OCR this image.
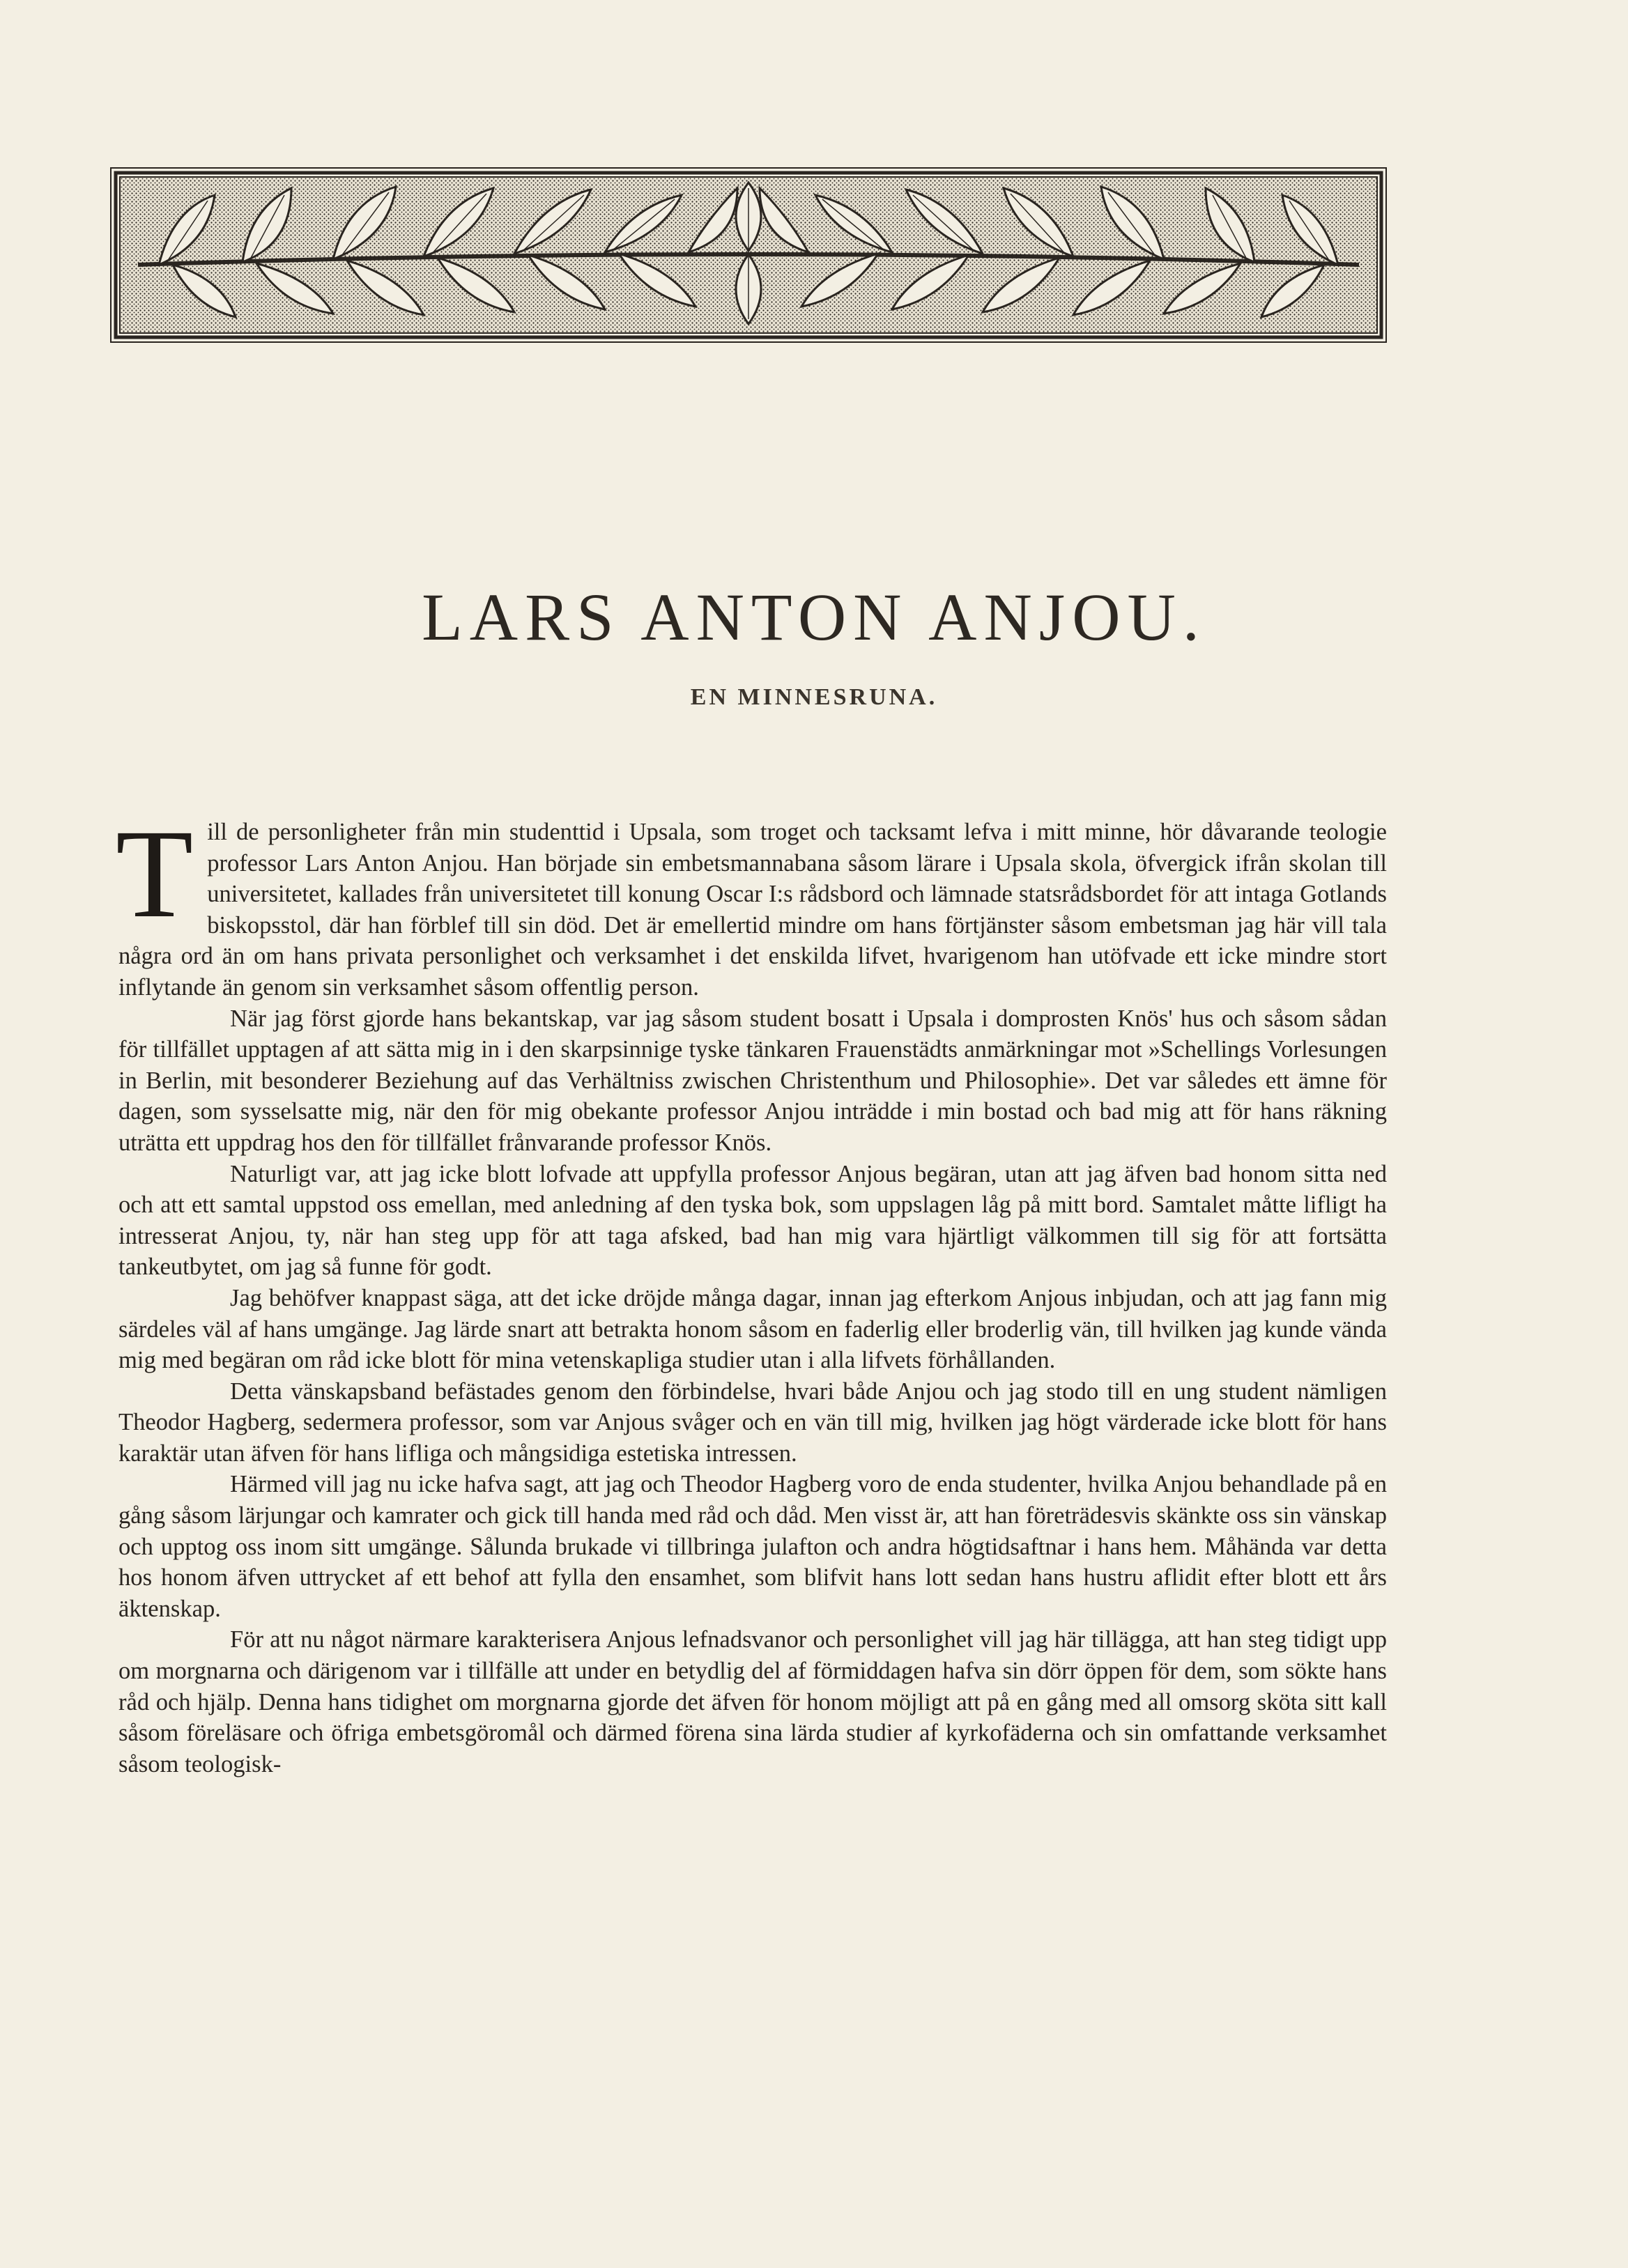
LARS ANTON ANJOU.
EN MINNESRUNA.

Till de personligheter från min studenttid i Upsala, som troget och tacksamt lefva i mitt minne, hör dåvarande teologie professor Lars Anton Anjou. Han började sin embetsmannabana såsom lärare i Upsala skola, öfvergick ifrån skolan till universitetet, kallades från universitetet till konung Oscar I:s rådsbord och lämnade statsrådsbordet för att intaga Gotlands biskopsstol, där han förblef till sin död. Det är emellertid mindre om hans förtjänster såsom embetsman jag här vill tala några ord än om hans privata personlighet och verksamhet i det enskilda lifvet, hvarigenom han utöfvade ett icke mindre stort inflytande än genom sin verksamhet såsom offentlig person.

När jag först gjorde hans bekantskap, var jag såsom student bosatt i Upsala i domprosten Knös' hus och såsom sådan för tillfället upptagen af att sätta mig in i den skarpsinnige tyske tänkaren Frauenstädts anmärkningar mot »Schellings Vorlesungen in Berlin, mit besonderer Beziehung auf das Verhältniss zwischen Christenthum und Philosophie». Det var således ett ämne för dagen, som sysselsatte mig, när den för mig obekante professor Anjou inträdde i min bostad och bad mig att för hans räkning uträtta ett uppdrag hos den för tillfället frånvarande professor Knös.

Naturligt var, att jag icke blott lofvade att uppfylla professor Anjous begäran, utan att jag äfven bad honom sitta ned och att ett samtal uppstod oss emellan, med anledning af den tyska bok, som uppslagen låg på mitt bord. Samtalet måtte lifligt ha intresserat Anjou, ty, när han steg upp för att taga afsked, bad han mig vara hjärtligt välkommen till sig för att fortsätta tankeutbytet, om jag så funne för godt.

Jag behöfver knappast säga, att det icke dröjde många dagar, innan jag efterkom Anjous inbjudan, och att jag fann mig särdeles väl af hans umgänge. Jag lärde snart att betrakta honom såsom en faderlig eller broderlig vän, till hvilken jag kunde vända mig med begäran om råd icke blott för mina vetenskapliga studier utan i alla lifvets förhållanden.

Detta vänskapsband befästades genom den förbindelse, hvari både Anjou och jag stodo till en ung student nämligen Theodor Hagberg, sedermera professor, som var Anjous svåger och en vän till mig, hvilken jag högt värderade icke blott för hans karaktär utan äfven för hans lifliga och mångsidiga estetiska intressen.

Härmed vill jag nu icke hafva sagt, att jag och Theodor Hagberg voro de enda studenter, hvilka Anjou behandlade på en gång såsom lärjungar och kamrater och gick till handa med råd och dåd. Men visst är, att han företrädesvis skänkte oss sin vänskap och upptog oss inom sitt umgänge. Sålunda brukade vi tillbringa julafton och andra högtidsaftnar i hans hem. Måhända var detta hos honom äfven uttrycket af ett behof att fylla den ensamhet, som blifvit hans lott sedan hans hustru aflidit efter blott ett års äktenskap.

För att nu något närmare karakterisera Anjous lefnadsvanor och personlighet vill jag här tillägga, att han steg tidigt upp om morgnarna och därigenom var i tillfälle att under en betydlig del af förmiddagen hafva sin dörr öppen för dem, som sökte hans råd och hjälp. Denna hans tidighet om morgnarna gjorde det äfven för honom möjligt att på en gång med all omsorg sköta sitt kall såsom föreläsare och öfriga embetsgöromål och därmed förena sina lärda studier af kyrkofäderna och sin omfattande verksamhet såsom teologisk-
